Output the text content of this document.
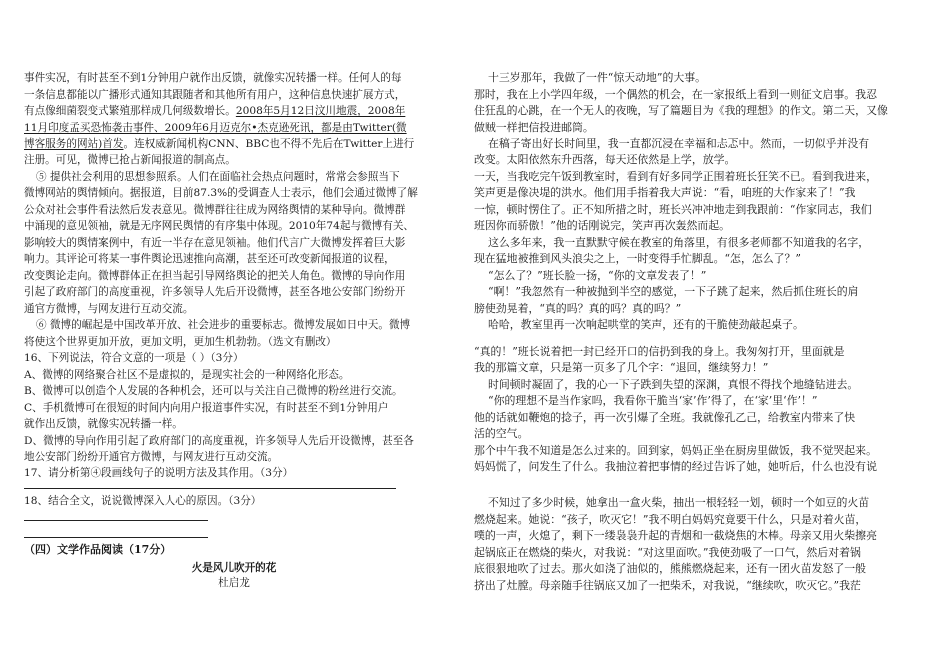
事件实况，有时甚至不到1分钟用户就作出反馈，就像实况转播一样。任何人的每
一条信息都能以广播形式通知其跟随者和其他所有用户，这种信息快速扩展方式，
有点像细菌裂变式繁殖那样成几何级数增长。2008年5月12日汶川地震，2008年
11月印度孟买恐怖袭击事件、2009年6月迈克尔•杰克逊死讯，都是由Twitter(微
博客服务的网站)首发。连权威新闻机构CNN、BBC也不得不先后在Twitter上进行
注册。可见，微博已抢占新闻报道的制高点。
⑤ 提供社会利用的思想参照系。人们在面临社会热点问题时，常常会参照当下
微博网站的舆情倾向。据报道，目前87.3%的受调查人士表示，他们会通过微博了解
公众对社会事件看法然后发表意见。微博群往往成为网络舆情的某种导向。微博群
中涌现的意见领袖，就是无序网民舆情的有序集中体现。2010年74起与微博有关、
影响较大的舆情案例中，有近一半存在意见领袖。他们代言广大微博发挥着巨大影
响力。其评论可将某一事件舆论迅速推向高潮，甚至还可改变新闻报道的议程，
改变舆论走向。微博群体正在担当起引导网络舆论的把关人角色。微博的导向作用
引起了政府部门的高度重视，许多领导人先后开设微博，甚至各地公安部门纷纷开
通官方微博，与网友进行互动交流。
⑥ 微博的崛起是中国改革开放、社会进步的重要标志。微博发展如日中天。微博
将使这个世界更加开放，更加文明，更加生机勃勃。（选文有删改）
16、下列说法，符合文意的一项是（ ）（3分）
A、微博的网络聚合社区不是虚拟的，是现实社会的一种网络化形态。
B、微博可以创造个人发展的各种机会，还可以与关注自己微博的粉丝进行交流。
C、手机微博可在很短的时间内向用户报道事件实况，有时甚至不到1分钟用户
就作出反馈，就像实况转播一样。
D、微博的导向作用引起了政府部门的高度重视，许多领导人先后开设微博，甚至各
地公安部门纷纷开通官方微博，与网友进行互动交流。
17、请分析第④段画线句子的说明方法及其作用。（3分）
18、结合全文，说说微博深入人心的原因。（3分）
（四）文学作品阅读（17分）
火是风儿吹开的花
杜启龙
十三岁那年，我做了一件“惊天动地”的大事。
那时，我在上小学四年级，一个偶然的机会，在一家报纸上看到一则征文启事。我忍
住狂乱的心跳，在一个无人的夜晚，写了篇题目为《我的理想》的作文。第二天，又像
做贼一样把信投进邮筒。
在稿子寄出好长时间里，我一直都沉浸在幸福和忐忑中。然而，一切似乎并没有
改变。太阳依然东升西落，每天还依然是上学，放学。
一天，当我吃完午饭到教室时，看到有好多同学正围着班长狂笑不已。看到我进来，
笑声更是像决堤的洪水。他们用手指着我大声说：“看，咱班的大作家来了！”我
一惊，顿时愣住了。正不知所措之时，班长兴冲冲地走到我跟前：“作家同志，我们
班因你而骄傲！”他的话刚说完，笑声再次轰然而起。
这么多年来，我一直默默守候在教室的角落里，有很多老师都不知道我的名字，
现在猛地被推到风头浪尖之上，一时变得手忙脚乱。“怎，怎么了？”
“怎么了？”班长脸一扬，“你的文章发表了！”
“啊！”我忽然有一种被抛到半空的感觉，一下子跳了起来，然后抓住班长的肩
膀使劲晃着，“真的吗？真的吗？真的吗？”
哈哈，教室里再一次响起哄堂的笑声，还有的干脆使劲敲起桌子。
“真的！”班长说着把一封已经开口的信扔到我的身上。我匆匆打开，里面就是
我的那篇文章，只是第一页多了几个字：“退回，继续努力！”
时间顿时凝固了，我的心一下子跌到失望的深渊，真恨不得找个地缝钻进去。
“你的理想不是当作家吗，我看你干脆当‘家’作’得了，在‘家’里‘作’！”
他的话就如鞭炮的捻子，再一次引爆了全班。我就像孔乙己，给教室内带来了快
活的空气。
那个中午我不知道是怎么过来的。回到家，妈妈正坐在厨房里做饭，我不觉哭起来。
妈妈慌了，问发生了什么。我抽泣着把事情的经过告诉了她，她听后，什么也没有说
不知过了多少时候，她拿出一盒火柴，抽出一根轻轻一划，顿时一个如豆的火苗
燃烧起来。她说：“孩子，吹灭它！”我不明白妈妈究竟要干什么，只是对着火苗，
噗的一声，火熄了，剩下一缕袅袅升起的青烟和一截烧焦的木棒。母亲又用火柴擦亮
起锅底正在燃烧的柴火，对我说：“对这里面吹。”我使劲吸了一口气，然后对着锅
底很狠地吹了过去。那火如浇了油似的，熊熊燃烧起来，还有一团火苗发怒了一般
挤出了灶膛。母亲随手往锅底又加了一把柴禾，对我说，“继续吹，吹灭它。”我茫
